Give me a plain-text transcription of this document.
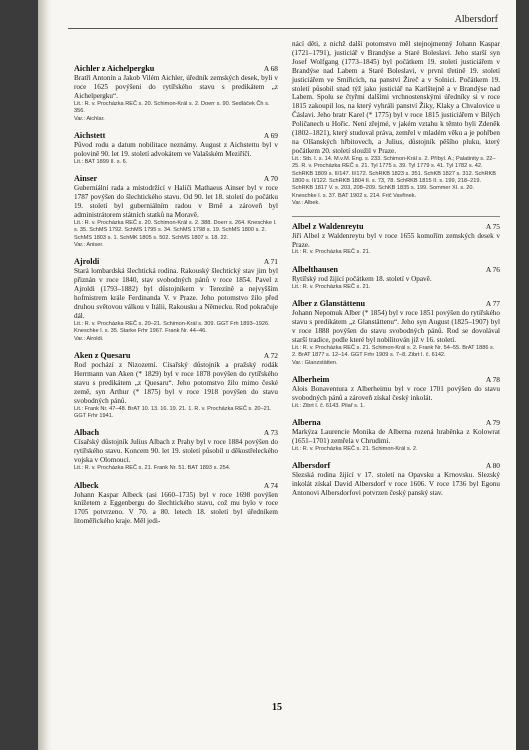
Albersdorf
Aichler z Aichelpergku	A 68
Bratři Antonín a Jakob Vilém Aichler, úředník zemských desek, byli v roce 1625 povýšeni do rytířského stavu s predikátem „z Aichelpergku“.
Lit.: R. v. Procházka REČ s. 20. Schimon-Král s. 2. Doerr s. 90. Sedláček Čh s. 356.
Var.: Aichlar.
Aichstett	A 69
Původ rodu a datum nobilitace neznámy. August z Aichstettu byl v polovině 90. let 19. století advokátem ve Valašském Meziříčí.
Lit.: BAT 1899 II. s. 6.
Ainser	A 70
Guberniální rada a místodržící v Haliči Mathaeus Ainser byl v roce 1787 povýšen do šlechtického stavu. Od 90. let 18. století do počátku 19. století byl guberniálním radou v Brně a zároveň byl administrátorem státních statků na Moravě.
Lit.: R. v. Procházka REČ s. 20. Schimon-Král s. 2. 388. Doerr s. 264. Kneschke I. s. 35. SchMS 1792. SchMS 1795 s. 34. SchMS 1798 s. 19. SchMS 1800 s. 2. SchMS 1803 s. 1. SchMK 1805 s. 502. SchMS 1807 s. 18. 22.
Var.: Aniser.
Ajroldi	A 71
Stará lombardská šlechtická rodina. Rakouský šlechtický stav jim byl přiznán v roce 1840, stav svobodných pánů v roce 1854. Pavel z Ajroldi (1793–1882) byl důstojníkem v Terezíně a nejvyšším hofmistrem krále Ferdinanda V. v Praze. Jeho potomstvo žilo před druhou světovou válkou v Itálii, Rakousku a Německu. Rod pokračuje dál.
Lit.: R. v. Procházka REČ s. 20–21. Schimon-Král s. 309. GGT Frh 1893–1926. Kneschke I. s. 35. Starke Frhr 1967. Frank Nr. 44–46.
Var.: Airoldi.
Aken z Quesaru	A 72
Rod pochází z Nizozemí. Císařský důstojník a pražský rodák Herrmann van Aken (* 1829) byl v roce 1878 povýšen do rytířského stavu s predikátem „z Quesaru“. Jeho potomstvo žilo mimo české země, syn Arthur (* 1875) byl v roce 1918 povýšen do stavu svobodných pánů.
Lit.: Frank Nr. 47–48. BrAT 10. 13. 16. 19. 21. 1. R. v. Procházka REČ s. 20–21. GGT Frhr 1941.
Albach	A 73
Císařský důstojník Julius Albach z Prahy byl v roce 1884 povýšen do rytířského stavu. Koncem 90. let 19. století působil u děkostřeleckého vojska v Olomouci.
Lit.: R. v. Procházka REČ s. 21. Frank Nr. 51. BAT 1893 s. 254.
Albeck	A 74
Johann Kaspar Albeck (asi 1660–1735) byl v roce 1698 povýšen knížetem z Eggenbergu do šlechtického stavu, což mu bylo v roce 1705 potvrzeno. V 70. a 80. letech 18. století byl úředníkem litoměřického kraje. Měl jedi-
nácí děti, z nichž další potomstvo měl stejnojmenný Johann Kaspar (1721–1791), justiciář v Brandýse a Staré Boleslavi. Jeho starší syn Josef Wolfgang (1773–1845) byl počátkem 19. století justiciářem v Brandýse nad Labem a Staré Boleslavi, v první třetině 19. století justiciářem ve Smiřicích, na panství Žireč a v Solnici. Počátkem 19. století působil snad týž jako justiciář na Karlštejně a v Brandýse nad Labem. Spolu se čtyřmi dalšími vrchnostenskými úředníky si v roce 1815 zakoupil los, na který vyhráli panství Žiky, Klaky a Chvalovice u Čáslavi. Jeho bratr Karel (* 1775) byl v roce 1815 justiciářem v Bílých Poličanech u Hořic. Není zřejmé, v jakém vztahu k těmto byli Zdeněk (1802–1821), který studoval práva, zemřel v mladém věku a je pohřben na Olšanských hřbitovech, a Julius, důstojník pěšího pluku, který počátkem 20. století sloužil v Praze.
Lit.: Stb. I. s. 14. M.v.M. Eng. s. 233. Schimon-Král s. 2. Příbyl. A.; Palatinity s. 22–25. R. v. Procházka REČ s. 21. Tyl 1775 s. 39. Tyl 1779 s. 41. Tyl 1782 s. 42. SchRKB 1809 s. II/147. II/172. SchRKB 1823 s. 351. SchKB 1827 s. 312. SchRKB 1800 s. II/122. SchRKB 1804 II. s. 73, 78. SchRKB 1815 II. s. 199, 218–219. SchRKB 1817 V. s. 203, 208–209. SchKB 1835 s. 199. Sommer XI. s. 20. Kneschke I. s. 37. BAT 1902 s. 214. Frič Vavřinek.
Var.: Albek.
Albel z Waldenreytu	A 75
Jiří Albel z Waldenreytu byl v roce 1655 komořím zemských desek v Praze.
Lit.: R. v. Procházka REČ s. 21.
Albelthausen	A 76
Rytířský rod žijící počátkem 18. století v Opavě.
Lit.: R. v. Procházka REČ s. 21.
Alber z Glanstättenu	A 77
Johann Nepomuk Alber (* 1854) byl v roce 1851 povýšen do rytířského stavu s predikátem „z Glanstättenu“. Jeho syn August (1825–1907) byl v roce 1888 povýšen do stavu svobodných pánů. Rod se dovolával starší tradice, podle které byl nobilitován již v 16. století.
Lit.: R. v. Procházka REČ s. 21. Schimon-Král s. 2. Frank Nr. 54–55. BrAT 1886 s. 2. BrAT 1877 s. 12–14. GGT Frhr 1909 s. 7–8. Zibrt I. č. 6142.
Var.: Glanzstätten.
Alberheim	A 78
Alois Bonaventura z Alberheimu byl v roce 1701 povýšen do stavu svobodných pánů a zároveň získal český inkolát.
Lit.: Zibrt I. č. 6143. Pilař s. 1.
Alberna	A 79
Markýza Laurencie Monika de Alberna rozená hraběnka z Kolowrat (1651–1701) zemřela v Chrudimi.
Lit.: R. v. Procházka REČ s. 21. Schimon-Král s. 2.
Albersdorf	A 80
Slezská rodina žijící v 17. století na Opavsku a Krnovsku. Slezský inkolát získal David Albersdorf v roce 1606. V roce 1736 byl Egonu Antonovi Albersdorfovi potvrzen český panský stav.
15
